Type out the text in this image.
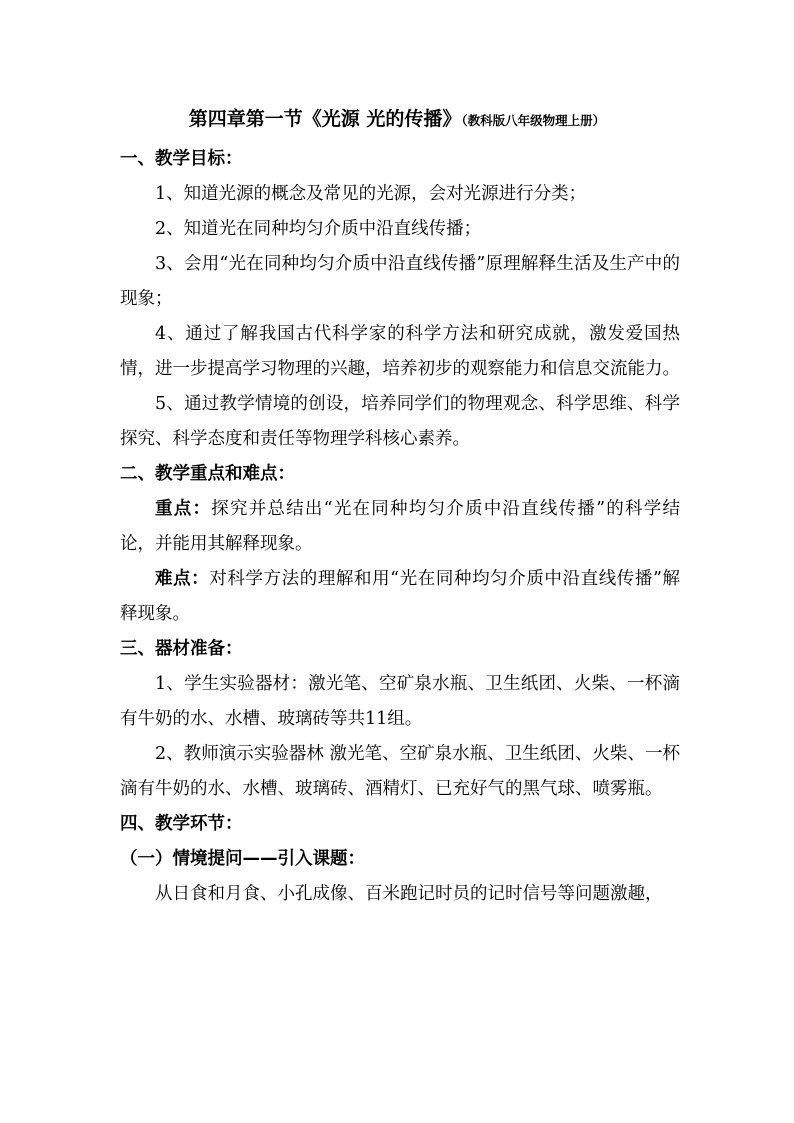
第四章第一节《光源 光的传播》（教科版八年级物理上册）

一、教学目标：

1、知道光源的概念及常见的光源，会对光源进行分类；

2、知道光在同种均匀介质中沿直线传播；

3、会用“光在同种均匀介质中沿直线传播”原理解释生活及生产中的现象；

4、通过了解我国古代科学家的科学方法和研究成就，激发爱国热情，进一步提高学习物理的兴趣，培养初步的观察能力和信息交流能力。

5、通过教学情境的创设，培养同学们的物理观念、科学思维、科学探究、科学态度和责任等物理学科核心素养。

二、教学重点和难点：

重点：探究并总结出“光在同种均匀介质中沿直线传播”的科学结论，并能用其解释现象。

难点：对科学方法的理解和用“光在同种均匀介质中沿直线传播”解释现象。

三、器材准备：

1、学生实验器材：激光笔、空矿泉水瓶、卫生纸团、火柴、一杯滴有牛奶的水、水槽、玻璃砖等共11组。

2、教师演示实验器林 激光笔、空矿泉水瓶、卫生纸团、火柴、一杯滴有牛奶的水、水槽、玻璃砖、酒精灯、已充好气的黑气球、喷雾瓶。

四、教学环节：

（一）情境提问——引入课题：

从日食和月食、小孔成像、百米跑记时员的记时信号等问题激趣，
